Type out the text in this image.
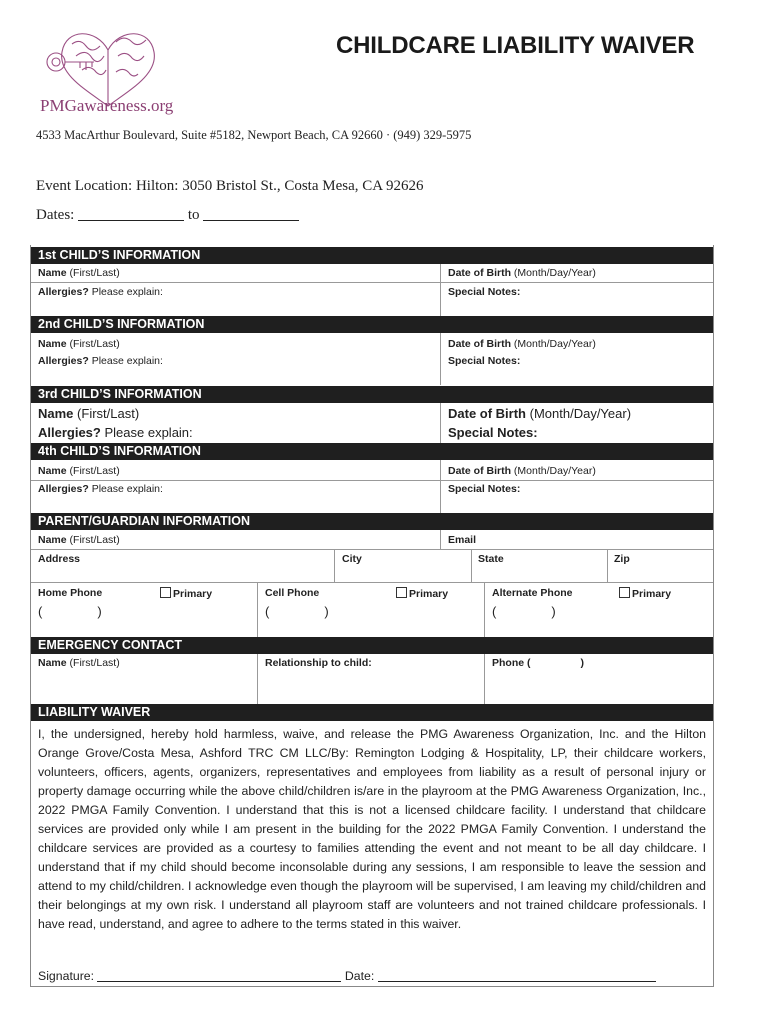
PMGawareness.org
CHILDCARE LIABILITY WAIVER
4533 MacArthur Boulevard, Suite #5182, Newport Beach, CA 92660 · (949) 329-5975
Event Location: Hilton: 3050 Bristol St., Costa Mesa, CA 92626
Dates:	to
1st CHILD’S INFORMATION
Name (First/Last)	Date of Birth (Month/Day/Year)
Allergies? Please explain:	Special Notes:
2nd CHILD’S INFORMATION
Name (First/Last)	Date of Birth (Month/Day/Year)
Allergies? Please explain:	Special Notes:
3rd CHILD’S INFORMATION
Name (First/Last)	Date of Birth (Month/Day/Year)
Allergies? Please explain:	Special Notes:
4th CHILD’S INFORMATION
Name (First/Last)	Date of Birth (Month/Day/Year)
Allergies? Please explain:	Special Notes:
PARENT/GUARDIAN INFORMATION
Name (First/Last)	Email
Address	City	State	Zip
Home Phone	Primary
(	)
Cell Phone	Primary
(	)
Alternate Phone	Primary
(	)
EMERGENCY CONTACT
Name (First/Last)	Relationship to child:	Phone (	)
LIABILITY WAIVER
I, the undersigned, hereby hold harmless, waive, and release the PMG Awareness Organization, Inc. and the Hilton Orange Grove/Costa Mesa, Ashford TRC CM LLC/By: Remington Lodging & Hospitality, LP, their childcare workers, volunteers, officers, agents, organizers, representatives and employees from liability as a result of personal injury or property damage occurring while the above child/children is/are in the playroom at the PMG Awareness Organization, Inc., 2022 PMGA Family Convention. I understand that this is not a licensed childcare facility. I understand that childcare services are provided only while I am present in the building for the 2022 PMGA Family Convention. I understand the childcare services are provided as a courtesy to families attending the event and not meant to be all day childcare. I understand that if my child should become inconsolable during any sessions, I am responsible to leave the session and attend to my child/children. I acknowledge even though the playroom will be supervised, I am leaving my child/children and their belongings at my own risk. I understand all playroom staff are volunteers and not trained childcare professionals. I have read, understand, and agree to adhere to the terms stated in this waiver.
Signature:	Date:
